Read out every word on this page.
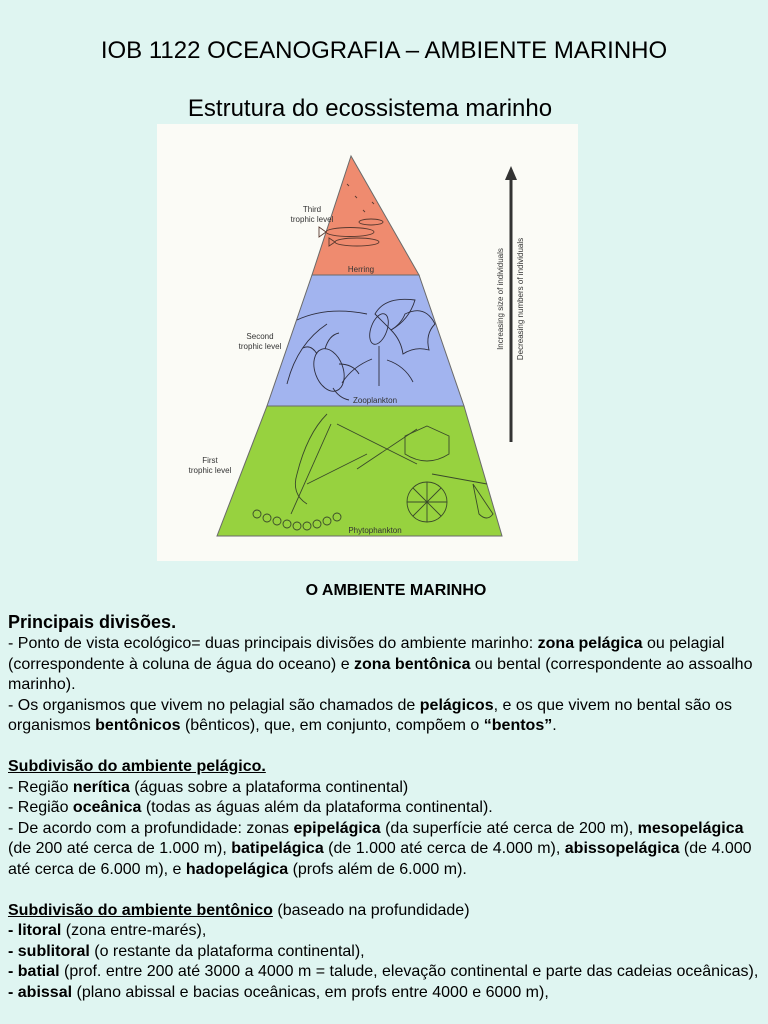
IOB 1122 OCEANOGRAFIA – AMBIENTE MARINHO
Estrutura do ecossistema marinho
Third
trophic level
Second
trophic level
First
trophic level
Herring
Zooplankton
Phytophankton
Increasing size of individuals Decreasing numbers of individuals
O AMBIENTE MARINHO

Principais divisões.

- Ponto de vista ecológico= duas principais divisões do ambiente marinho: zona pelágica ou pelagial (correspondente à coluna de água do oceano) e zona bentônica ou bental (correspondente ao assoalho marinho).

- Os organismos que vivem no pelagial são chamados de pelágicos, e os que vivem no bental são os organismos bentônicos (bênticos), que, em conjunto, compõem o “bentos”.

Subdivisão do ambiente pelágico.

- Região nerítica (águas sobre a plataforma continental)

- Região oceânica (todas as águas além da plataforma continental).

- De acordo com a profundidade: zonas epipelágica (da superfície até cerca de 200 m), mesopelágica (de 200 até cerca de 1.000 m), batipelágica (de 1.000 até cerca de 4.000 m), abissopelágica (de 4.000 até cerca de 6.000 m), e hadopelágica (profs além de 6.000 m).

Subdivisão do ambiente bentônico (baseado na profundidade)

- litoral (zona entre-marés),

- sublitoral (o restante da plataforma continental),

- batial (prof. entre 200 até 3000 a 4000 m = talude, elevação continental e parte das cadeias oceânicas),

- abissal (plano abissal e bacias oceânicas, em profs entre 4000 e 6000 m),
